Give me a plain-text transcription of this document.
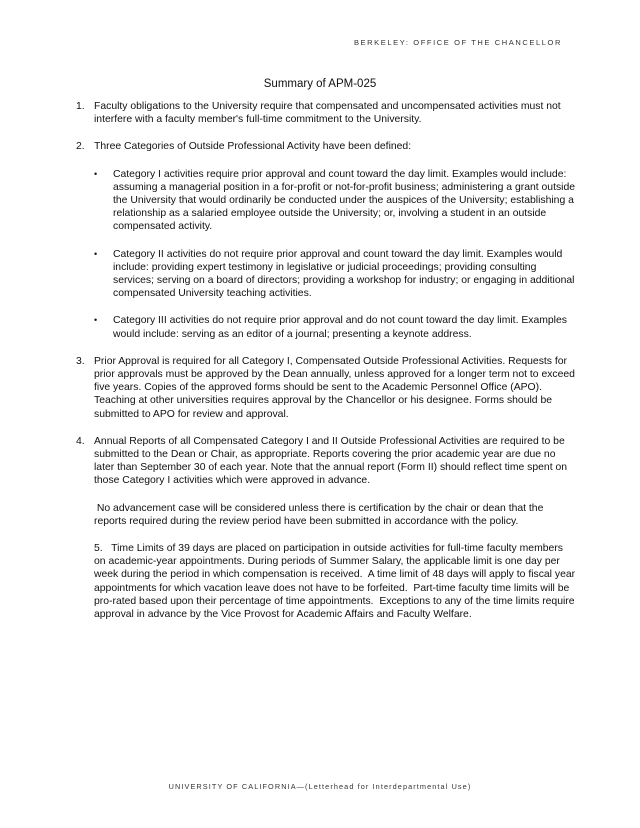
BERKELEY: OFFICE OF THE CHANCELLOR
Summary of APM-025
1. Faculty obligations to the University require that compensated and uncompensated activities must not interfere with a faculty member's full-time commitment to the University.
2. Three Categories of Outside Professional Activity have been defined:
•	Category I activities require prior approval and count toward the day limit. Examples would include: assuming a managerial position in a for-profit or not-for-profit business; administering a grant outside the University that would ordinarily be conducted under the auspices of the University; establishing a relationship as a salaried employee outside the University; or, involving a student in an outside compensated activity.
•	Category II activities do not require prior approval and count toward the day limit. Examples would include: providing expert testimony in legislative or judicial proceedings; providing consulting services; serving on a board of directors; providing a workshop for industry; or engaging in additional compensated University teaching activities.
•	Category III activities do not require prior approval and do not count toward the day limit. Examples would include: serving as an editor of a journal; presenting a keynote address.
3. Prior Approval is required for all Category I, Compensated Outside Professional Activities. Requests for prior approvals must be approved by the Dean annually, unless approved for a longer term not to exceed five years. Copies of the approved forms should be sent to the Academic Personnel Office (APO). Teaching at other universities requires approval by the Chancellor or his designee. Forms should be submitted to APO for review and approval.
4. Annual Reports of all Compensated Category I and II Outside Professional Activities are required to be submitted to the Dean or Chair, as appropriate. Reports covering the prior academic year are due no later than September 30 of each year. Note that the annual report (Form II) should reflect time spent on those Category I activities which were approved in advance.
No advancement case will be considered unless there is certification by the chair or dean that the reports required during the review period have been submitted in accordance with the policy.
5.   Time Limits of 39 days are placed on participation in outside activities for full-time faculty members on academic-year appointments. During periods of Summer Salary, the applicable limit is one day per week during the period in which compensation is received.  A time limit of 48 days will apply to fiscal year appointments for which vacation leave does not have to be forfeited.  Part-time faculty time limits will be pro-rated based upon their percentage of time appointments.  Exceptions to any of the time limits require approval in advance by the Vice Provost for Academic Affairs and Faculty Welfare.
UNIVERSITY OF CALIFORNIA—(Letterhead for Interdepartmental Use)
